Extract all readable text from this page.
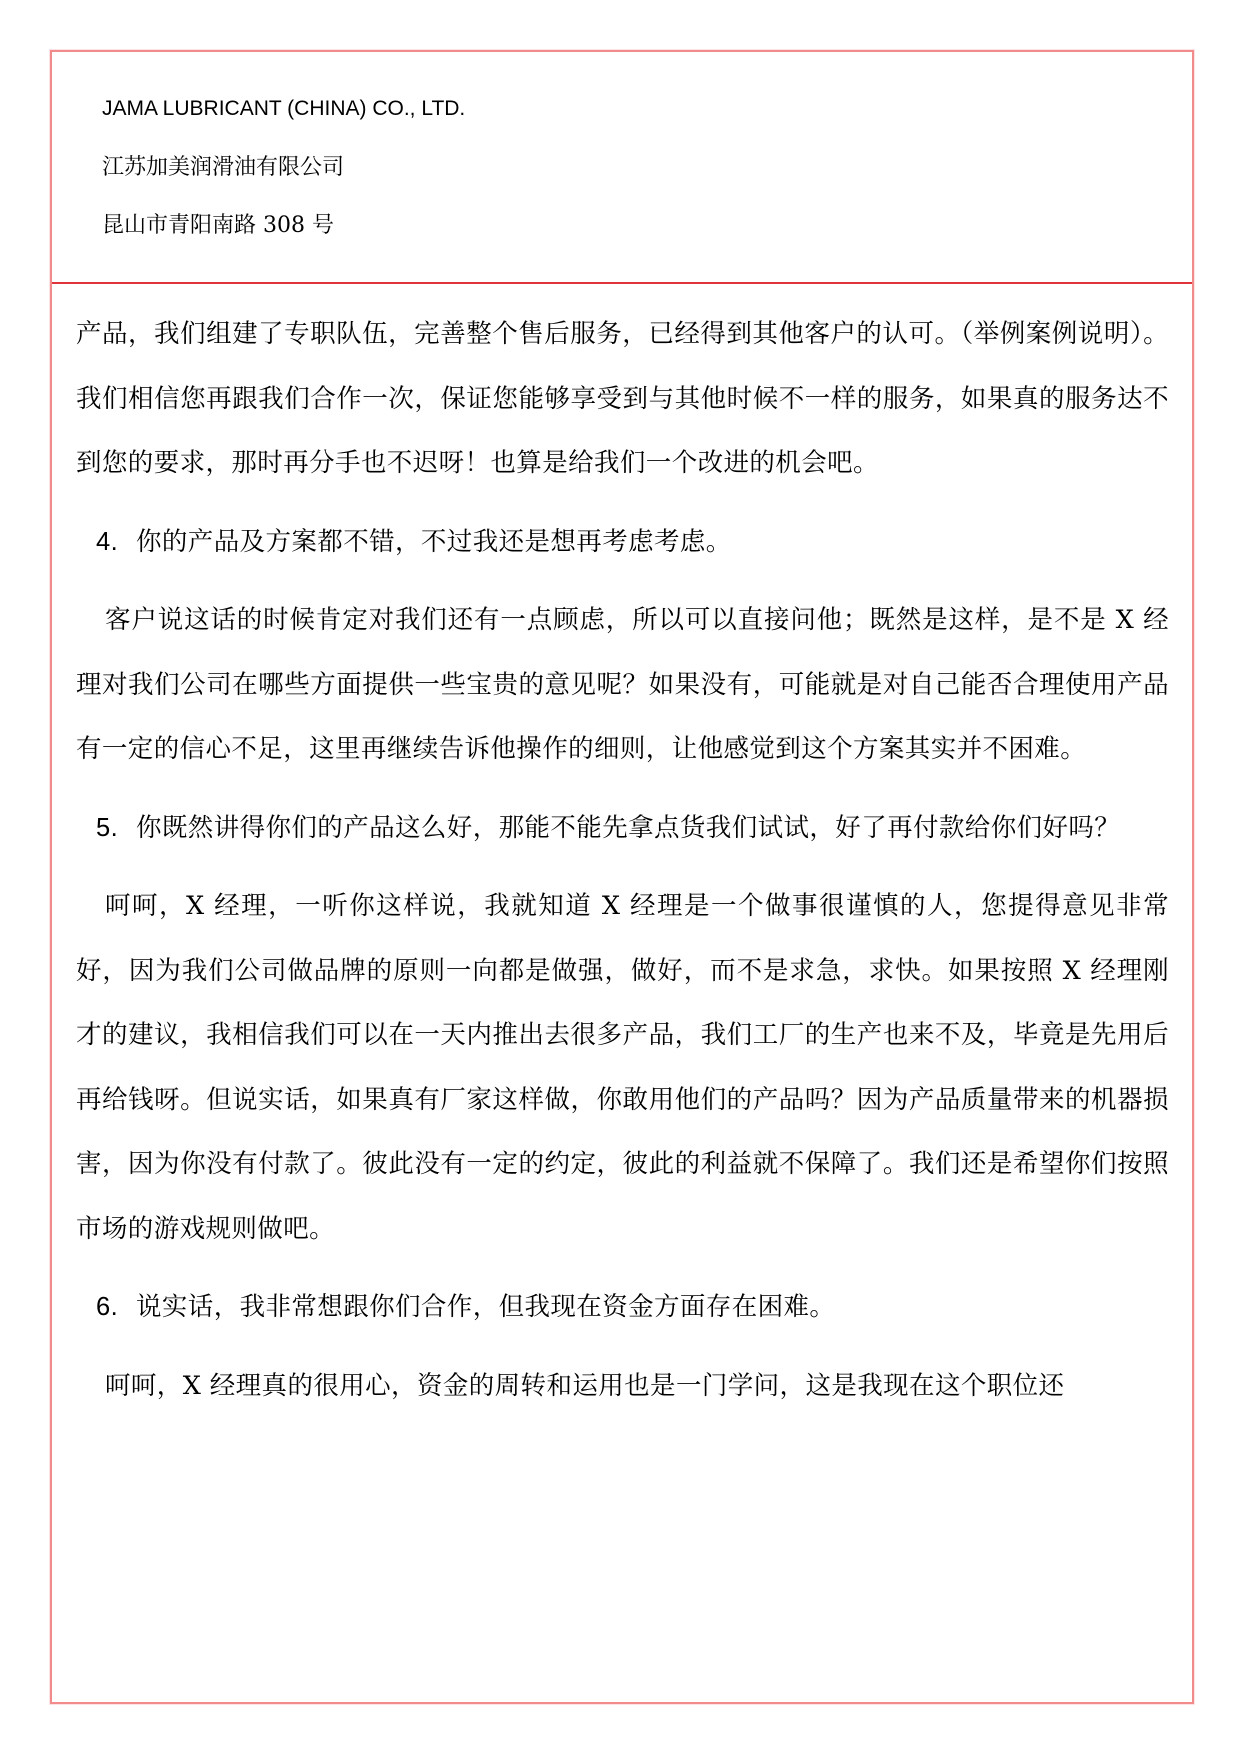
JAMA LUBRICANT (CHINA) CO., LTD.
江苏加美润滑油有限公司
昆山市青阳南路 308 号

产品，我们组建了专职队伍，完善整个售后服务，已经得到其他客户的认可。（举例案例说明）。我们相信您再跟我们合作一次，保证您能够享受到与其他时候不一样的服务，如果真的服务达不到您的要求，那时再分手也不迟呀！也算是给我们一个改进的机会吧。

4. 你的产品及方案都不错，不过我还是想再考虑考虑。

客户说这话的时候肯定对我们还有一点顾虑，所以可以直接问他；既然是这样，是不是 X 经理对我们公司在哪些方面提供一些宝贵的意见呢？如果没有，可能就是对自己能否合理使用产品有一定的信心不足，这里再继续告诉他操作的细则，让他感觉到这个方案其实并不困难。

5. 你既然讲得你们的产品这么好，那能不能先拿点货我们试试，好了再付款给你们好吗？

呵呵，X 经理，一听你这样说，我就知道 X 经理是一个做事很谨慎的人，您提得意见非常好，因为我们公司做品牌的原则一向都是做强，做好，而不是求急，求快。如果按照 X 经理刚才的建议，我相信我们可以在一天内推出去很多产品，我们工厂的生产也来不及，毕竟是先用后再给钱呀。但说实话，如果真有厂家这样做，你敢用他们的产品吗？因为产品质量带来的机器损害，因为你没有付款了。彼此没有一定的约定，彼此的利益就不保障了。我们还是希望你们按照市场的游戏规则做吧。

6. 说实话，我非常想跟你们合作，但我现在资金方面存在困难。

呵呵，X 经理真的很用心，资金的周转和运用也是一门学问，这是我现在这个职位还
